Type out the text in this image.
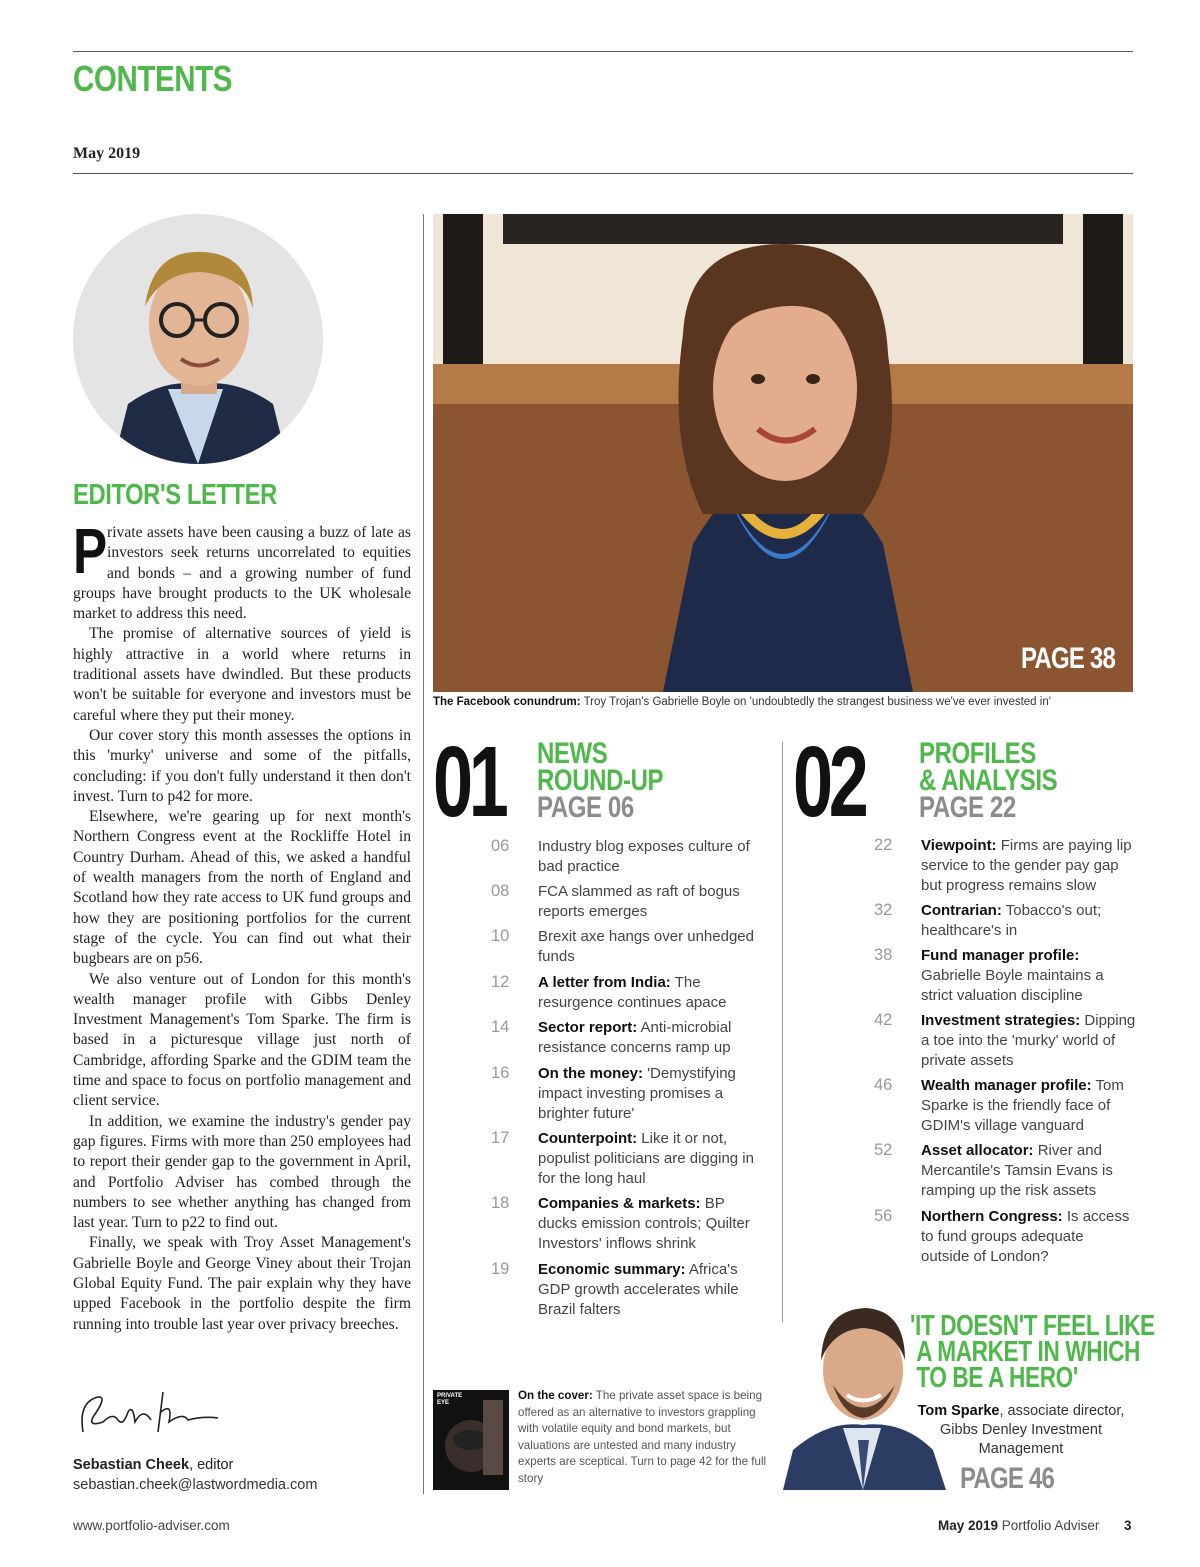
CONTENTS
May 2019
EDITOR'S LETTER

Private assets have been causing a buzz of late as investors seek returns uncorrelated to equities and bonds – and a growing number of fund groups have brought products to the UK wholesale market to address this need.

The promise of alternative sources of yield is highly attractive in a world where returns in traditional assets have dwindled. But these products won't be suitable for everyone and investors must be careful where they put their money.

Our cover story this month assesses the options in this 'murky' universe and some of the pitfalls, concluding: if you don't fully understand it then don't invest. Turn to p42 for more.

Elsewhere, we're gearing up for next month's Northern Congress event at the Rockliffe Hotel in Country Durham. Ahead of this, we asked a handful of wealth managers from the north of England and Scotland how they rate access to UK fund groups and how they are positioning portfolios for the current stage of the cycle. You can find out what their bugbears are on p56.

We also venture out of London for this month's wealth manager profile with Gibbs Denley Investment Management's Tom Sparke. The firm is based in a picturesque village just north of Cambridge, affording Sparke and the GDIM team the time and space to focus on portfolio management and client service.

In addition, we examine the industry's gender pay gap figures. Firms with more than 250 employees had to report their gender gap to the government in April, and Portfolio Adviser has combed through the numbers to see whether anything has changed from last year. Turn to p22 to find out.

Finally, we speak with Troy Asset Management's Gabrielle Boyle and George Viney about their Trojan Global Equity Fund. The pair explain why they have upped Facebook in the portfolio despite the firm running into trouble last year over privacy breeches.

Sebastian Cheek, editor
sebastian.cheek@lastwordmedia.com
PAGE 38
The Facebook conundrum: Troy Trojan's Gabrielle Boyle on 'undoubtedly the strangest business we've ever invested in'
01 NEWS
ROUND-UP
PAGE 06
06 Industry blog exposes culture of bad practice
08 FCA slammed as raft of bogus reports emerges
10 Brexit axe hangs over unhedged funds
12 A letter from India: The resurgence continues apace
14 Sector report: Anti-microbial resistance concerns ramp up
16 On the money: 'Demystifying impact investing promises a brighter future'
17 Counterpoint: Like it or not, populist politicians are digging in for the long haul
18 Companies & markets: BP ducks emission controls; Quilter Investors' inflows shrink
19 Economic summary: Africa's GDP growth accelerates while Brazil falters
02 PROFILES
& ANALYSIS
PAGE 22
22 Viewpoint: Firms are paying lip service to the gender pay gap but progress remains slow
32 Contrarian: Tobacco's out; healthcare's in
38 Fund manager profile: Gabrielle Boyle maintains a strict valuation discipline
42 Investment strategies: Dipping a toe into the 'murky' world of private assets
46 Wealth manager profile: Tom Sparke is the friendly face of GDIM's village vanguard
52 Asset allocator: River and Mercantile's Tamsin Evans is ramping up the risk assets
56 Northern Congress: Is access to fund groups adequate outside of London?
PRIVATE EYE
On the cover: The private asset space is being offered as an alternative to investors grappling with volatile equity and bond markets, but valuations are untested and many industry experts are sceptical. Turn to page 42 for the full story
'IT DOESN'T FEEL LIKE
A MARKET IN WHICH
TO BE A HERO'
Tom Sparke, associate director, Gibbs Denley Investment Management
PAGE 46
www.portfolio-adviser.com	May 2019 Portfolio Adviser 3
